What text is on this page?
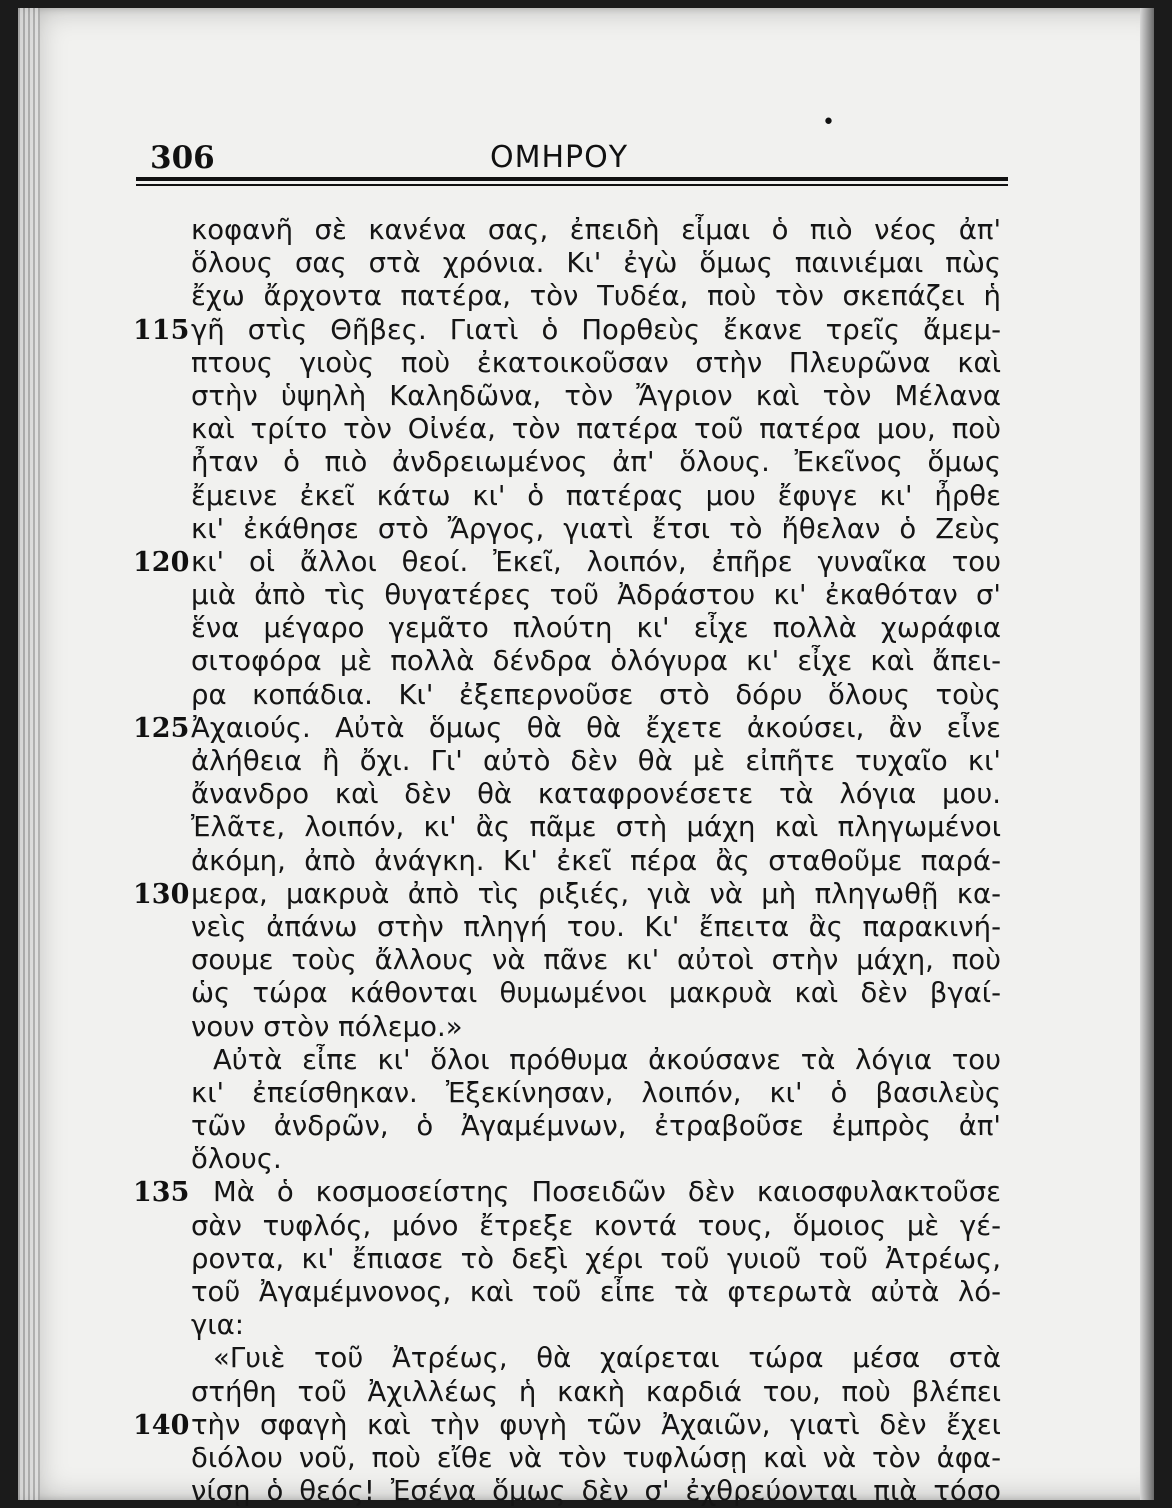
•
306	ΟΜΗΡΟΥ
κοφανῆ σὲ κανένα σας, ἐπειδὴ εἶμαι ὁ πιὸ νέος ἀπ'
ὅλους σας στὰ χρόνια. Κι' ἐγὼ ὅμως παινιέμαι πὼς
ἔχω ἄρχοντα πατέρα, τὸν Τυδέα, ποὺ τὸν σκεπάζει ἡ
115 γῆ στὶς Θῆβες. Γιατὶ ὁ Πορθεὺς ἔκανε τρεῖς ἄμεμ-
πτους γιοὺς ποὺ ἐκατοικοῦσαν στὴν Πλευρῶνα καὶ
στὴν ὑψηλὴ Καληδῶνα, τὸν Ἄγριον καὶ τὸν Μέλανα
καὶ τρίτο τὸν Οἰνέα, τὸν πατέρα τοῦ πατέρα μου, ποὺ
ἦταν ὁ πιὸ ἀνδρειωμένος ἀπ' ὅλους. Ἐκεῖνος ὅμως
ἔμεινε ἐκεῖ κάτω κι' ὁ πατέρας μου ἔφυγε κι' ἦρθε
κι' ἐκάθησε στὸ Ἄργος, γιατὶ ἔτσι τὸ ἤθελαν ὁ Ζεὺς
120 κι' οἱ ἄλλοι θεοί. Ἐκεῖ, λοιπόν, ἐπῆρε γυναῖκα του
μιὰ ἀπὸ τὶς θυγατέρες τοῦ Ἀδράστου κι' ἐκαθόταν σ'
ἕνα μέγαρο γεμᾶτο πλούτη κι' εἶχε πολλὰ χωράφια
σιτοφόρα μὲ πολλὰ δένδρα ὁλόγυρα κι' εἶχε καὶ ἄπει-
ρα κοπάδια. Κι' ἐξεπερνοῦσε στὸ δόρυ ὅλους τοὺς
125 Ἀχαιούς. Αὐτὰ ὅμως θὰ θὰ ἔχετε ἀκούσει, ἂν εἶνε
ἀλήθεια ἢ ὄχι. Γι' αὐτὸ δὲν θὰ μὲ εἰπῆτε τυχαῖο κι'
ἄνανδρο καὶ δὲν θὰ καταφρονέσετε τὰ λόγια μου.
Ἐλᾶτε, λοιπόν, κι' ἂς πᾶμε στὴ μάχη καὶ πληγωμένοι
ἀκόμη, ἀπὸ ἀνάγκη. Κι' ἐκεῖ πέρα ἂς σταθοῦμε παρά-
130 μερα, μακρυὰ ἀπὸ τὶς ριξιές, γιὰ νὰ μὴ πληγωθῇ κα-
νεὶς ἀπάνω στὴν πληγή του. Κι' ἔπειτα ἂς παρακινή-
σουμε τοὺς ἄλλους νὰ πᾶνε κι' αὐτοὶ στὴν μάχη, ποὺ
ὡς τώρα κάθονται θυμωμένοι μακρυὰ καὶ δὲν βγαί-
νουν στὸν πόλεμο.»
Αὐτὰ εἶπε κι' ὅλοι πρόθυμα ἀκούσανε τὰ λόγια του
κι' ἐπείσθηκαν. Ἐξεκίνησαν, λοιπόν, κι' ὁ βασιλεὺς
τῶν ἀνδρῶν, ὁ Ἀγαμέμνων, ἐτραβοῦσε ἐμπρὸς ἀπ'
ὅλους.
135 Μὰ ὁ κοσμοσείστης Ποσειδῶν δὲν καιοσφυλακτοῦσε
σὰν τυφλός, μόνο ἔτρεξε κοντά τους, ὅμοιος μὲ γέ-
ροντα, κι' ἔπιασε τὸ δεξὶ χέρι τοῦ γυιοῦ τοῦ Ἀτρέως,
τοῦ Ἀγαμέμνονος, καὶ τοῦ εἶπε τὰ φτερωτὰ αὐτὰ λό-
για:
«Γυιὲ τοῦ Ἀτρέως, θὰ χαίρεται τώρα μέσα στὰ
στήθη τοῦ Ἀχιλλέως ἡ κακὴ καρδιά του, ποὺ βλέπει
140 τὴν σφαγὴ καὶ τὴν φυγὴ τῶν Ἀχαιῶν, γιατὶ δὲν ἔχει
διόλου νοῦ, ποὺ εἴθε νὰ τὸν τυφλώσῃ καὶ νὰ τὸν ἀφα-
νίσῃ ὁ θεός! Ἐσένα ὅμως δὲν σ' ἐχθρεύονται πιὰ τόσο
